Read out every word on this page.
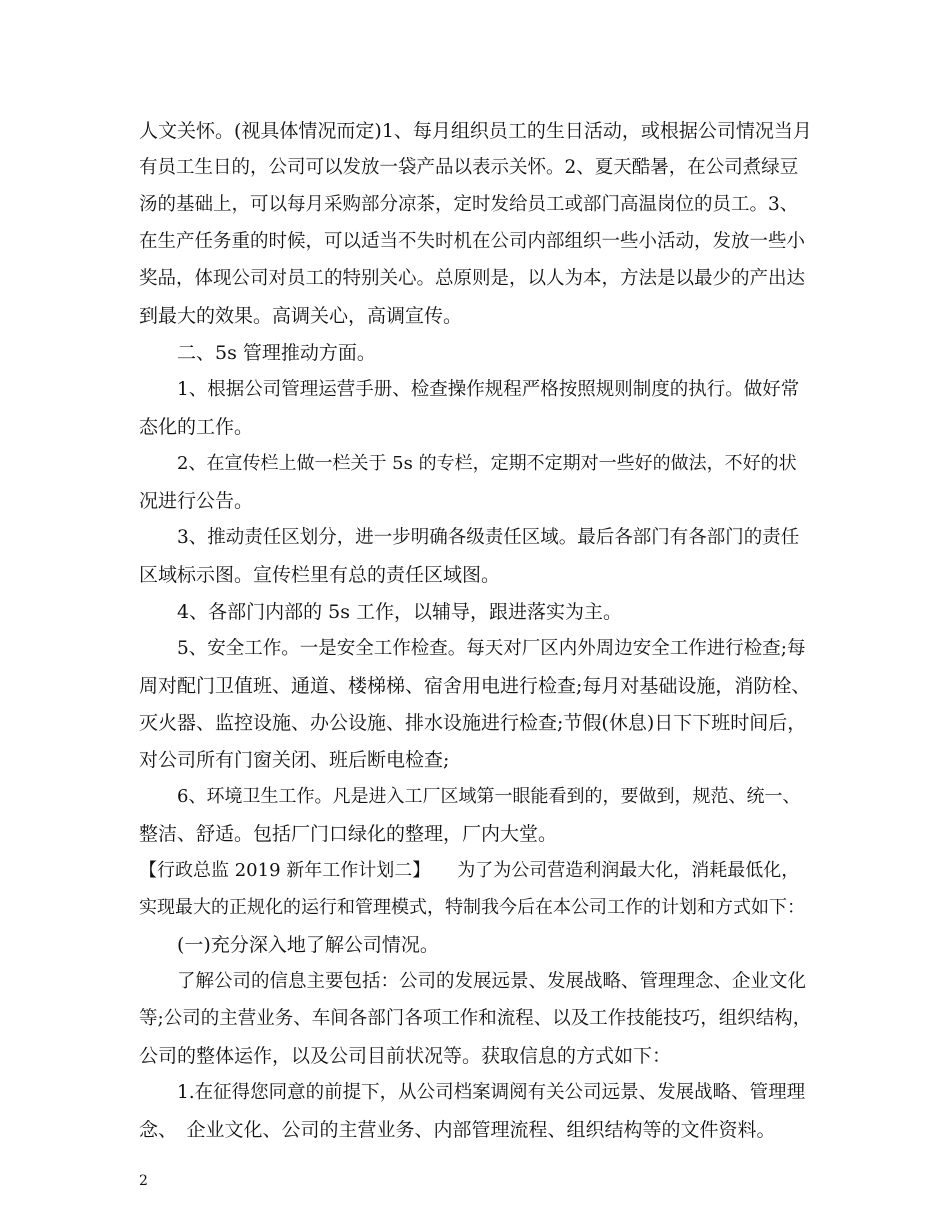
人文关怀。(视具体情况而定)1、每月组织员工的生日活动，或根据公司情况当月
有员工生日的，公司可以发放一袋产品以表示关怀。2、夏天酷暑，在公司煮绿豆
汤的基础上，可以每月采购部分凉茶，定时发给员工或部门高温岗位的员工。3、
在生产任务重的时候，可以适当不失时机在公司内部组织一些小活动，发放一些小
奖品，体现公司对员工的特别关心。总原则是，以人为本，方法是以最少的产出达
到最大的效果。高调关心，高调宣传。
二、5s 管理推动方面。
1、根据公司管理运营手册、检查操作规程严格按照规则制度的执行。做好常
态化的工作。
2、在宣传栏上做一栏关于 5s 的专栏，定期不定期对一些好的做法，不好的状
况进行公告。
3、推动责任区划分，进一步明确各级责任区域。最后各部门有各部门的责任
区域标示图。宣传栏里有总的责任区域图。
4、各部门内部的 5s 工作，以辅导，跟进落实为主。
5、安全工作。一是安全工作检查。每天对厂区内外周边安全工作进行检查;每
周对配门卫值班、通道、楼梯梯、宿舍用电进行检查;每月对基础设施，消防栓、
灭火器、监控设施、办公设施、排水设施进行检查;节假(休息)日下下班时间后，
对公司所有门窗关闭、班后断电检查;
6、环境卫生工作。凡是进入工厂区域第一眼能看到的，要做到，规范、统一、
整洁、舒适。包括厂门口绿化的整理，厂内大堂。
【行政总监 2019 新年工作计划二】　　为了为公司营造利润最大化，消耗最低化，
实现最大的正规化的运行和管理模式，特制我今后在本公司工作的计划和方式如下：
(一)充分深入地了解公司情况。
了解公司的信息主要包括：公司的发展远景、发展战略、管理理念、企业文化
等;公司的主营业务、车间各部门各项工作和流程、以及工作技能技巧，组织结构，
公司的整体运作，以及公司目前状况等。获取信息的方式如下：
1.在征得您同意的前提下，从公司档案调阅有关公司远景、发展战略、管理理
念、　企业文化、公司的主营业务、内部管理流程、组织结构等的文件资料。
2
